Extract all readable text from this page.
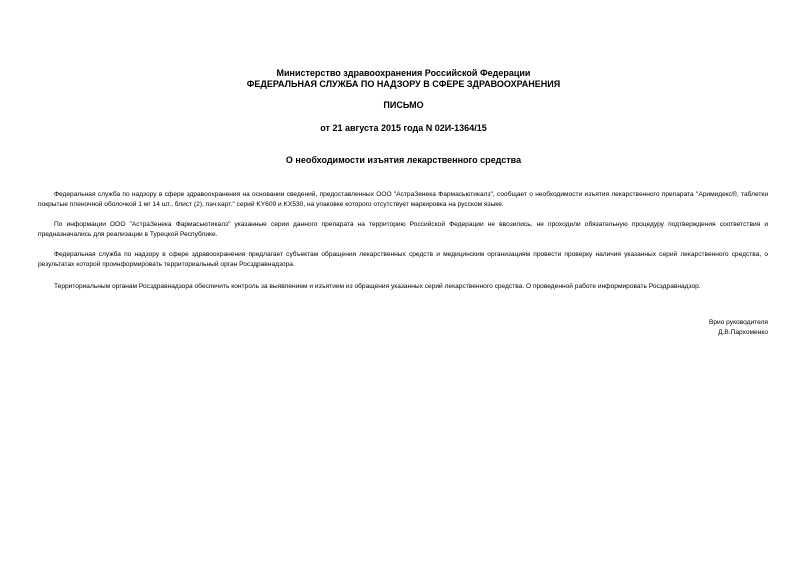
Министерство здравоохранения Российской Федерации
ФЕДЕРАЛЬНАЯ СЛУЖБА ПО НАДЗОРУ В СФЕРЕ ЗДРАВООХРАНЕНИЯ
ПИСЬМО
от 21 августа 2015 года N 02И-1364/15
О необходимости изъятия лекарственного средства

Федеральная служба по надзору в сфере здравоохранения на основании сведений, предоставленных ООО "АстраЗенека Фармасьютикалз", сообщает о необходимости изъятия лекарственного препарата "Аримидекс®, таблетки покрытые пленочной оболочкой 1 мг 14 шт., блист (2), пач.карт." серий KY609 и KX530, на упаковке которого отсутствует маркировка на русском языке.

По информации ООО "АстраЗенека Фармасьютикалз" указанные серии данного препарата на территорию Российской Федерации не ввозились, не проходили обязательную процедуру подтверждения соответствия и предназначались для реализации в Турецкой Республике.

Федеральная служба по надзору в сфере здравоохранения предлагает субъектам обращения лекарственных средств и медицинским организациям провести проверку наличия указанных серий лекарственного средства, о результатах которой проинформировать территориальный орган Росздравнадзора.

Территориальным органам Росздравнадзора обеспечить контроль за выявлением и изъятием из обращения указанных серий лекарственного средства. О проведенной работе информировать Росздравнадзор.

Врио руководителя
Д.В.Пархоменко
